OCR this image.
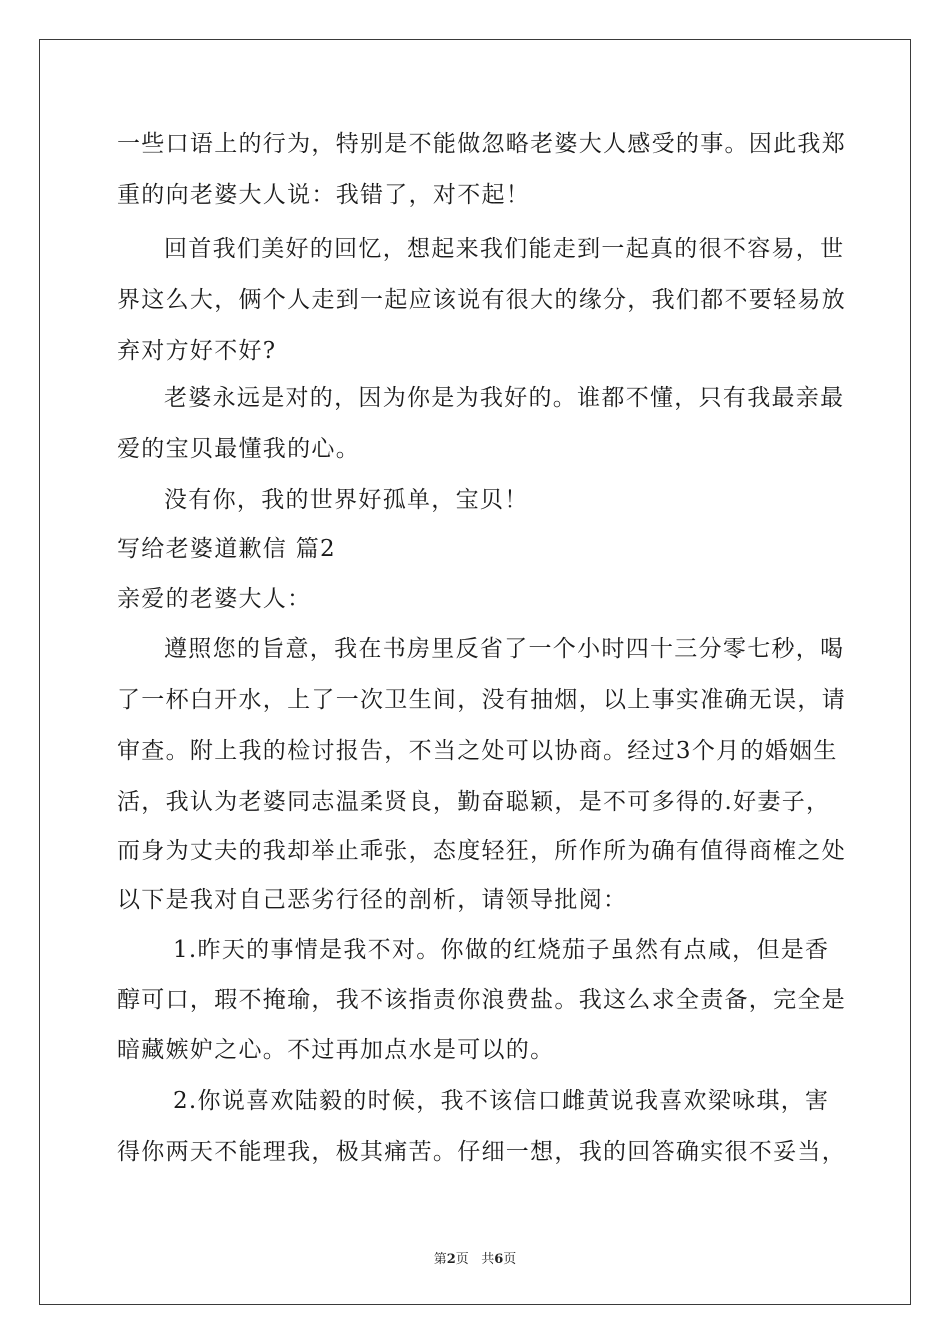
一些口语上的行为，特别是不能做忽略老婆大人感受的事。因此我郑
重的向老婆大人说：我错了，对不起！
回首我们美好的回忆，想起来我们能走到一起真的很不容易，世
界这么大，俩个人走到一起应该说有很大的缘分，我们都不要轻易放
弃对方好不好?
老婆永远是对的，因为你是为我好的。谁都不懂，只有我最亲最
爱的宝贝最懂我的心。
没有你，我的世界好孤单，宝贝！
写给老婆道歉信 篇2
亲爱的老婆大人：
遵照您的旨意，我在书房里反省了一个小时四十三分零七秒，喝
了一杯白开水，上了一次卫生间，没有抽烟，以上事实准确无误，请
审查。附上我的检讨报告，不当之处可以协商。经过3个月的婚姻生
活，我认为老婆同志温柔贤良，勤奋聪颖，是不可多得的.好妻子，
而身为丈夫的我却举止乖张，态度轻狂，所作所为确有值得商榷之处
以下是我对自己恶劣行径的剖析，请领导批阅：
1.昨天的事情是我不对。你做的红烧茄子虽然有点咸，但是香
醇可口，瑕不掩瑜，我不该指责你浪费盐。我这么求全责备，完全是
暗藏嫉妒之心。不过再加点水是可以的。
2.你说喜欢陆毅的时候，我不该信口雌黄说我喜欢梁咏琪，害
得你两天不能理我，极其痛苦。仔细一想，我的回答确实很不妥当，
第2页 共6页
